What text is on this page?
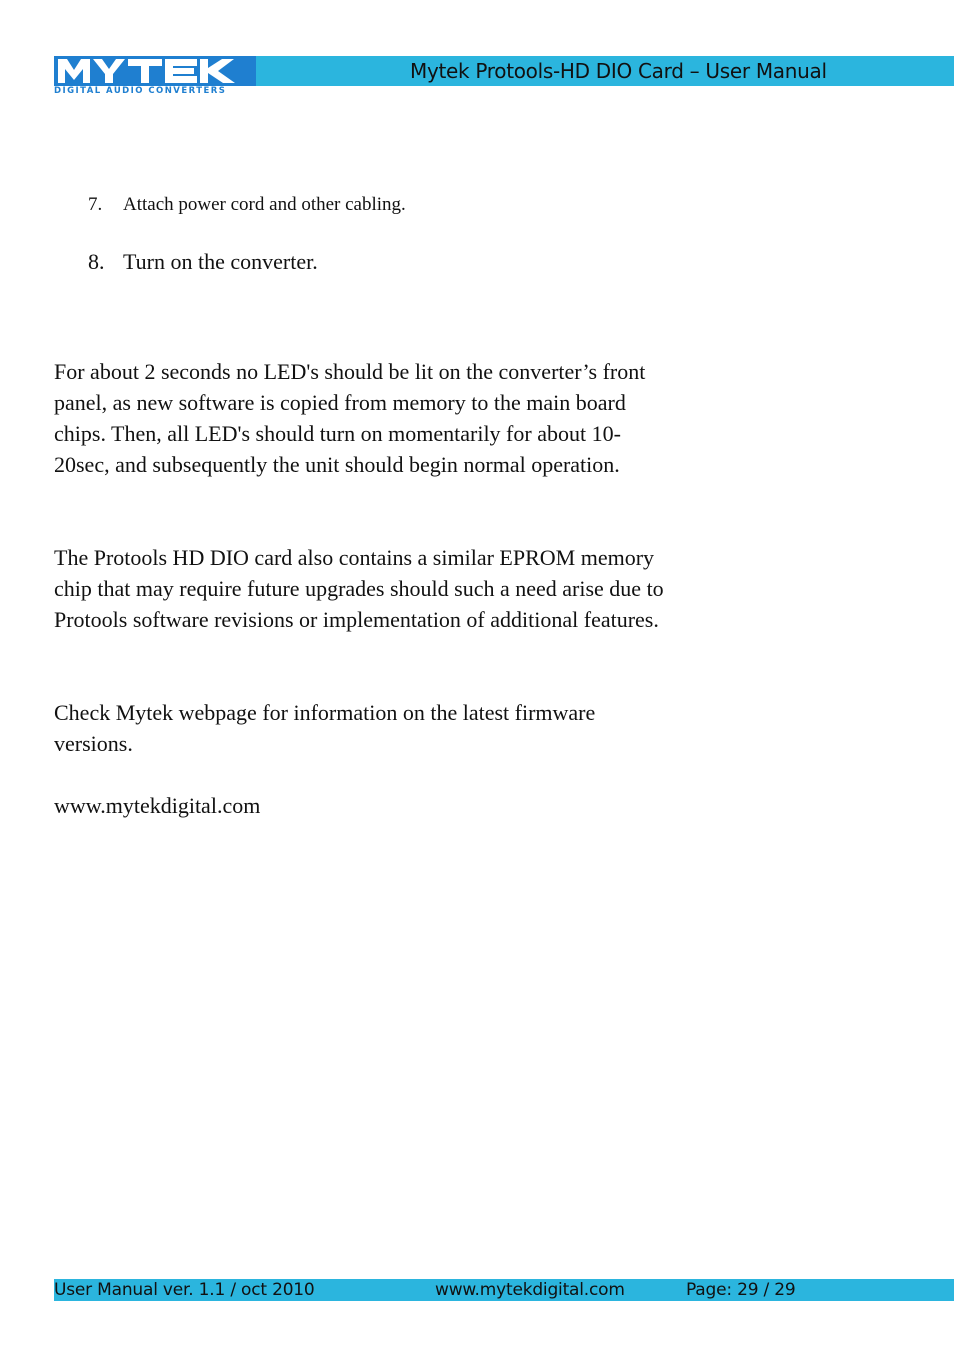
Mytek Protools-HD DIO Card – User Manual
DIGITAL AUDIO CONVERTERS
7. Attach power cord and other cabling.
8. Turn on the converter.

For about 2 seconds no LED's should be lit on the converter’s front panel, as new software is copied from memory to the main board chips. Then, all LED's should turn on momentarily for about 10-20sec, and subsequently the unit should begin normal operation.

The Protools HD DIO card also contains a similar EPROM memory chip that may require future upgrades should such a need arise due to Protools software revisions or implementation of additional features.

Check Mytek webpage for information on the latest firmware versions.

www.mytekdigital.com

User Manual ver. 1.1 / oct 2010	www.mytekdigital.com	Page: 29 / 29
